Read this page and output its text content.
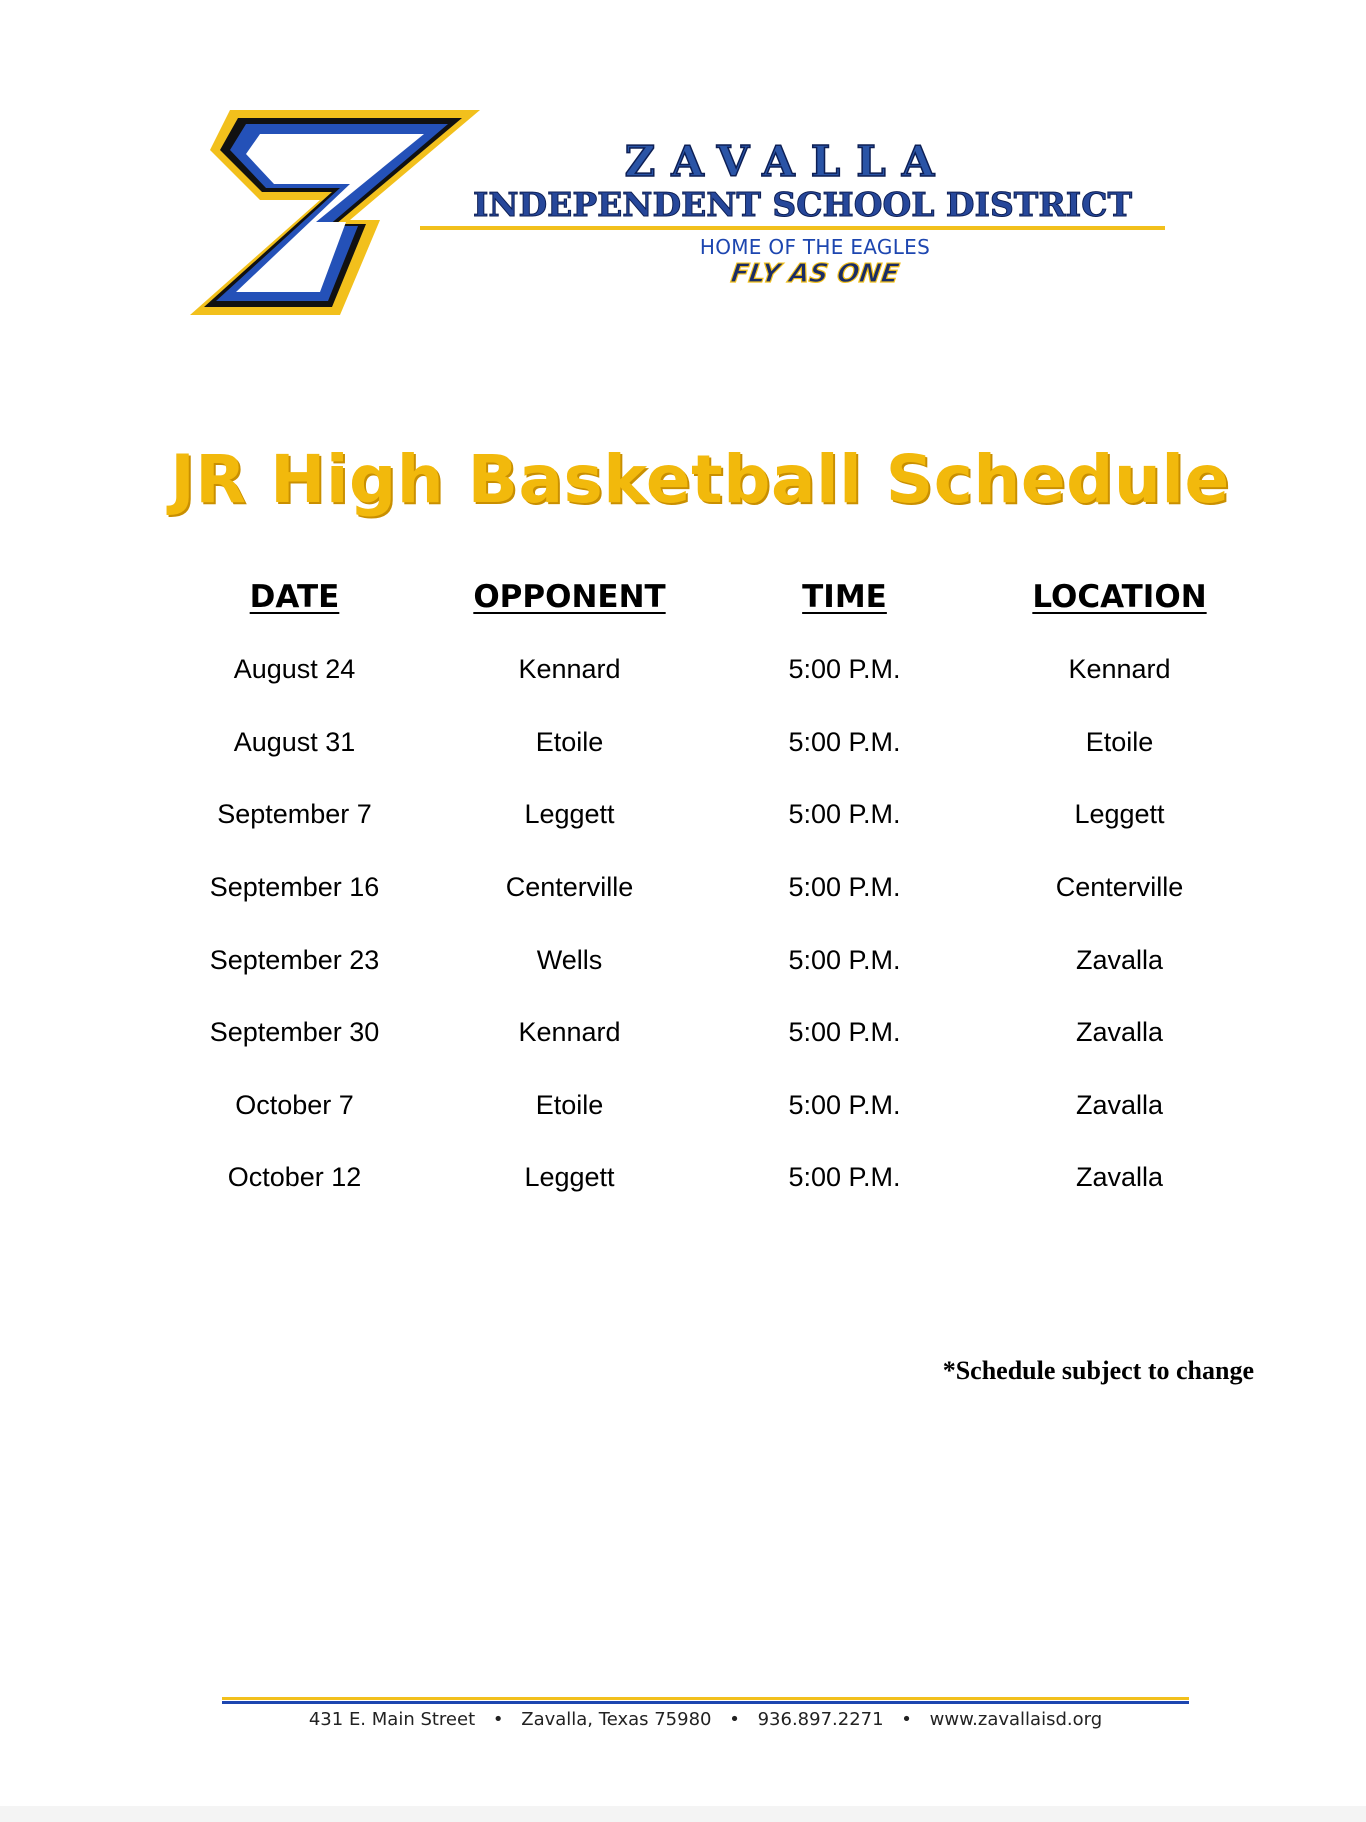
ZAVALLA
INDEPENDENT SCHOOL DISTRICT
HOME OF THE EAGLES
FLY AS ONE
JR High Basketball Schedule
DATE	OPPONENT	TIME	LOCATION
August 24	Kennard	5:00 P.M.	Kennard
August 31	Etoile	5:00 P.M.	Etoile
September 7	Leggett	5:00 P.M.	Leggett
September 16	Centerville	5:00 P.M.	Centerville
September 23	Wells	5:00 P.M.	Zavalla
September 30	Kennard	5:00 P.M.	Zavalla
October 7	Etoile	5:00 P.M.	Zavalla
October 12	Leggett	5:00 P.M.	Zavalla
*Schedule subject to change
431 E. Main Street • Zavalla, Texas 75980 • 936.897.2271 • www.zavallaisd.org
